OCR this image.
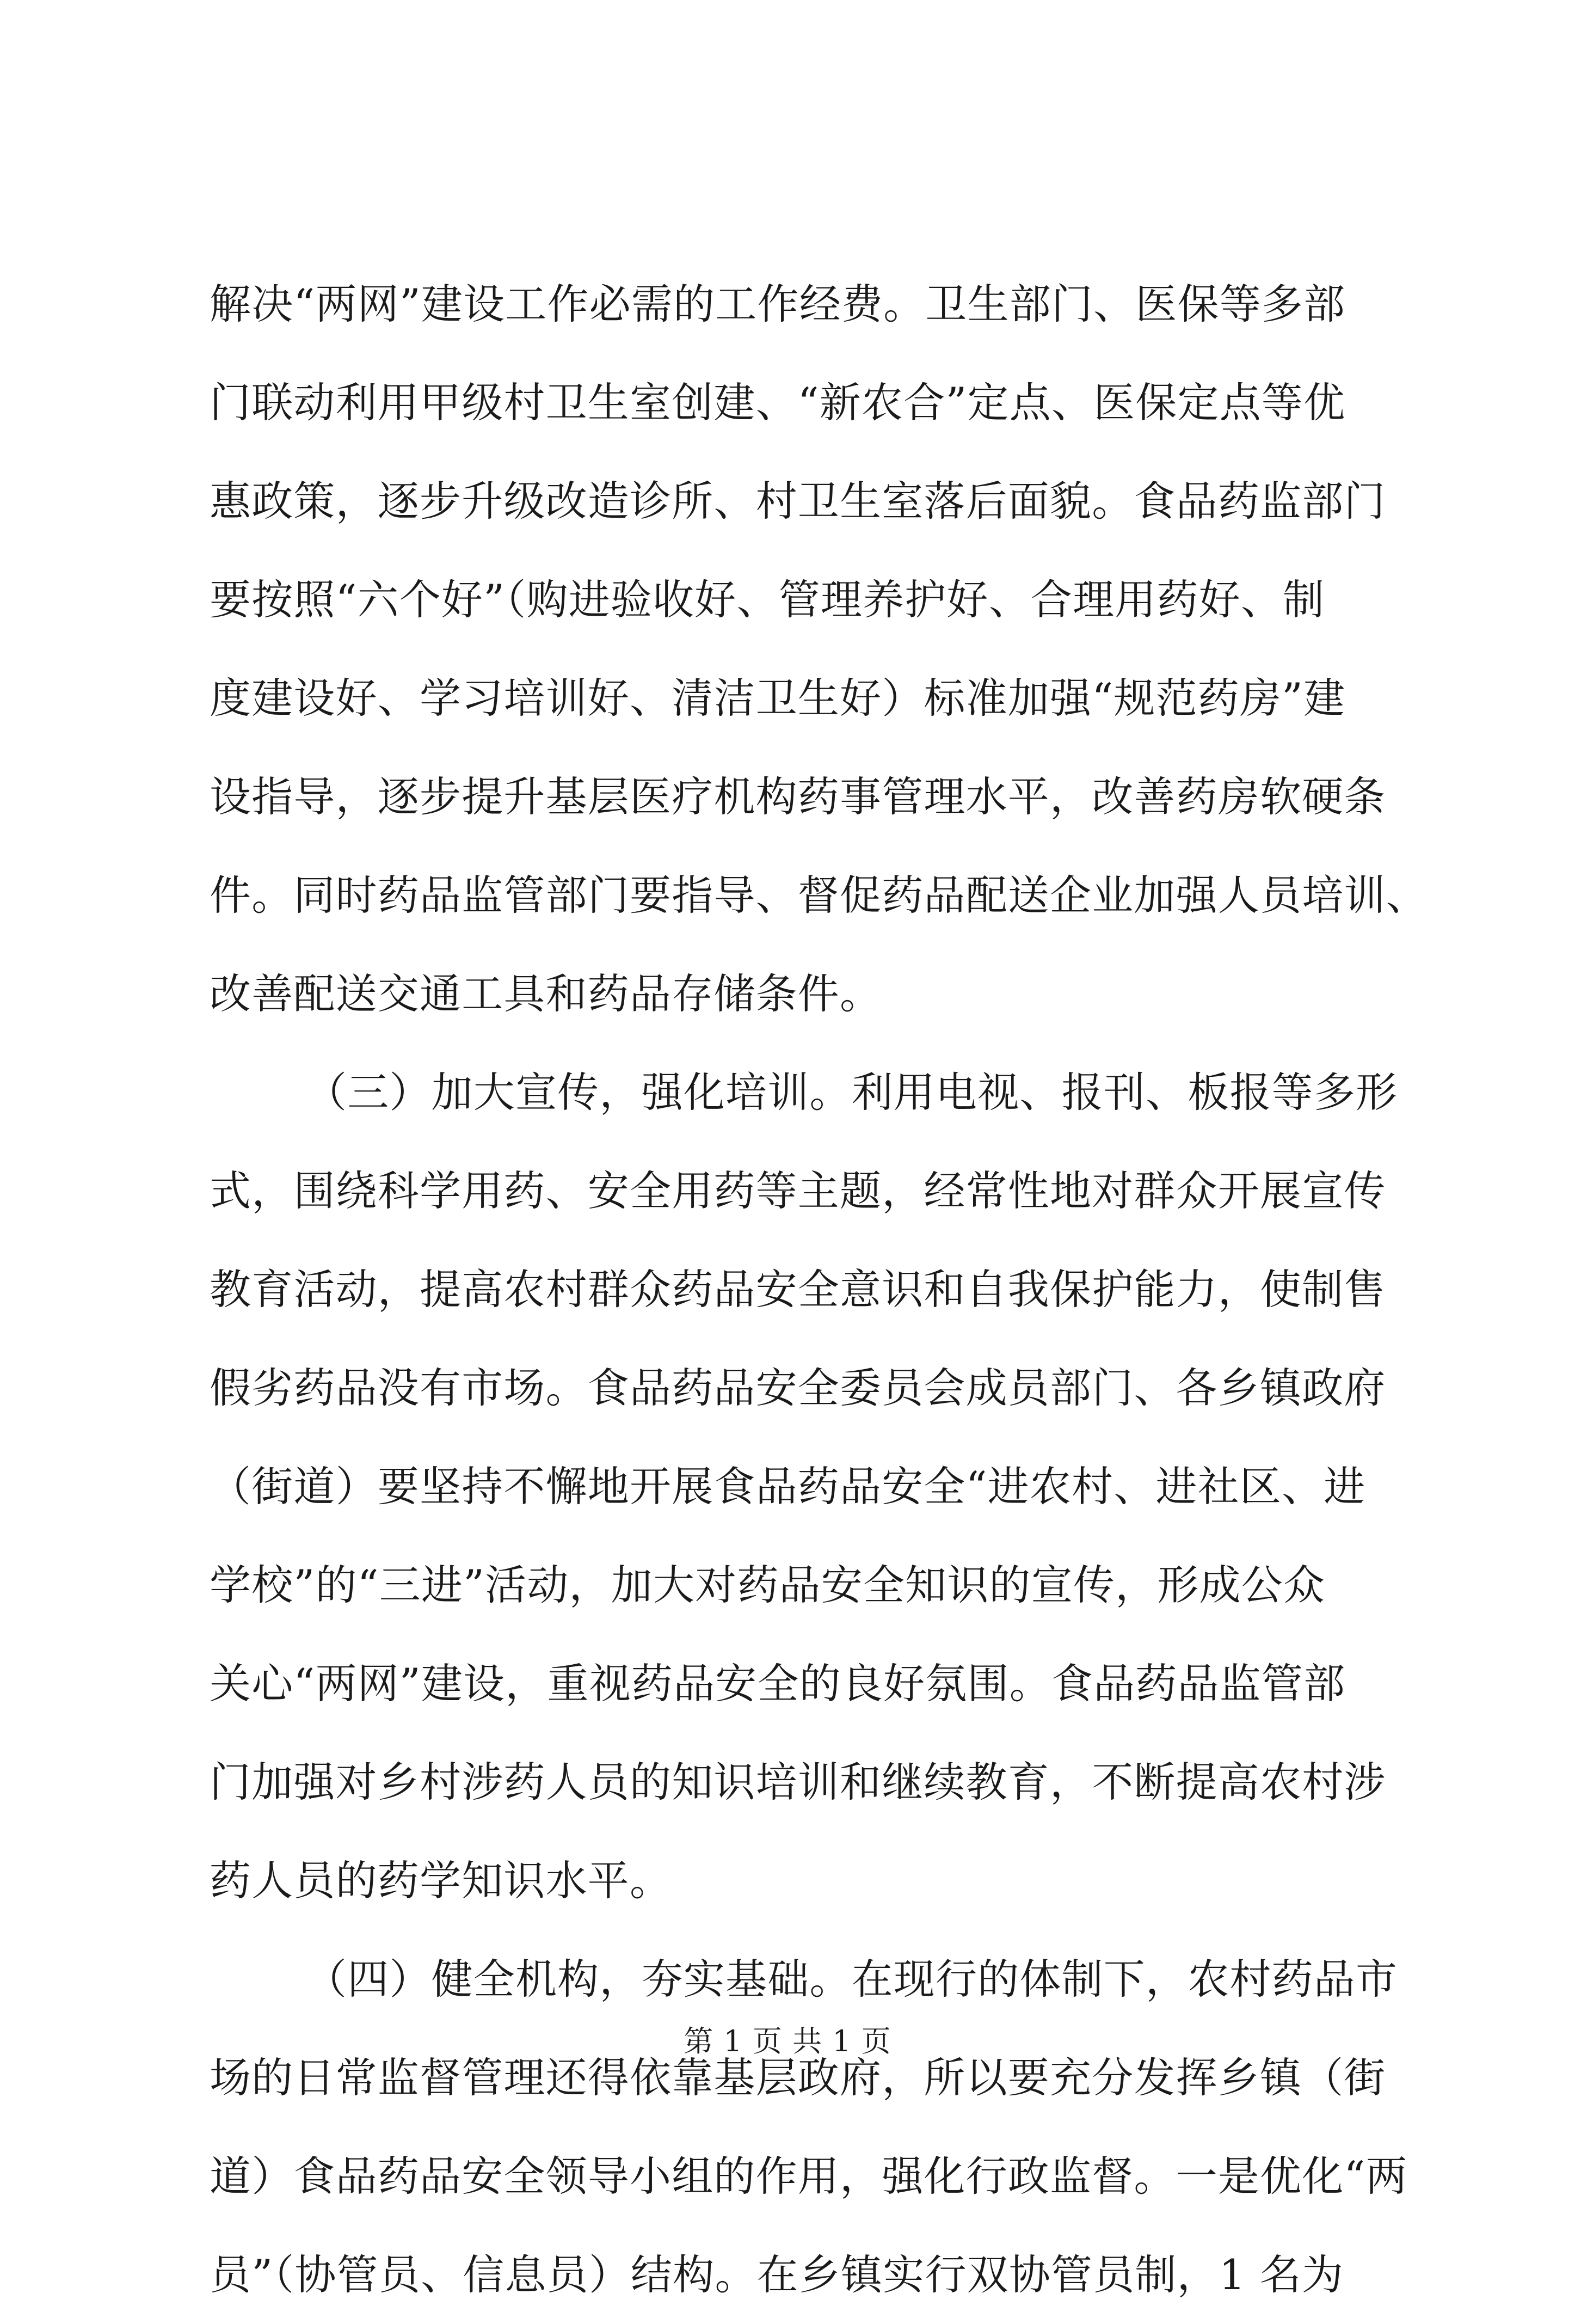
解决“两网”建设工作必需的工作经费。卫生部门、医保等多部
门联动利用甲级村卫生室创建、“新农合”定点、医保定点等优
惠政策，逐步升级改造诊所、村卫生室落后面貌。食品药监部门
要按照“六个好”（购进验收好、管理养护好、合理用药好、制
度建设好、学习培训好、清洁卫生好）标准加强“规范药房”建
设指导，逐步提升基层医疗机构药事管理水平，改善药房软硬条
件。同时药品监管部门要指导、督促药品配送企业加强人员培训、
改善配送交通工具和药品存储条件。
（三）加大宣传，强化培训。利用电视、报刊、板报等多形
式，围绕科学用药、安全用药等主题，经常性地对群众开展宣传
教育活动，提高农村群众药品安全意识和自我保护能力，使制售
假劣药品没有市场。食品药品安全委员会成员部门、各乡镇政府
（街道）要坚持不懈地开展食品药品安全“进农村、进社区、进
学校”的“三进”活动，加大对药品安全知识的宣传，形成公众
关心“两网”建设，重视药品安全的良好氛围。食品药品监管部
门加强对乡村涉药人员的知识培训和继续教育，不断提高农村涉
药人员的药学知识水平。
（四）健全机构，夯实基础。在现行的体制下，农村药品市
场的日常监督管理还得依靠基层政府，所以要充分发挥乡镇（街
道）食品药品安全领导小组的作用，强化行政监督。一是优化“两
员”（协管员、信息员）结构。在乡镇实行双协管员制，1 名为
第 1 页 共 1 页
